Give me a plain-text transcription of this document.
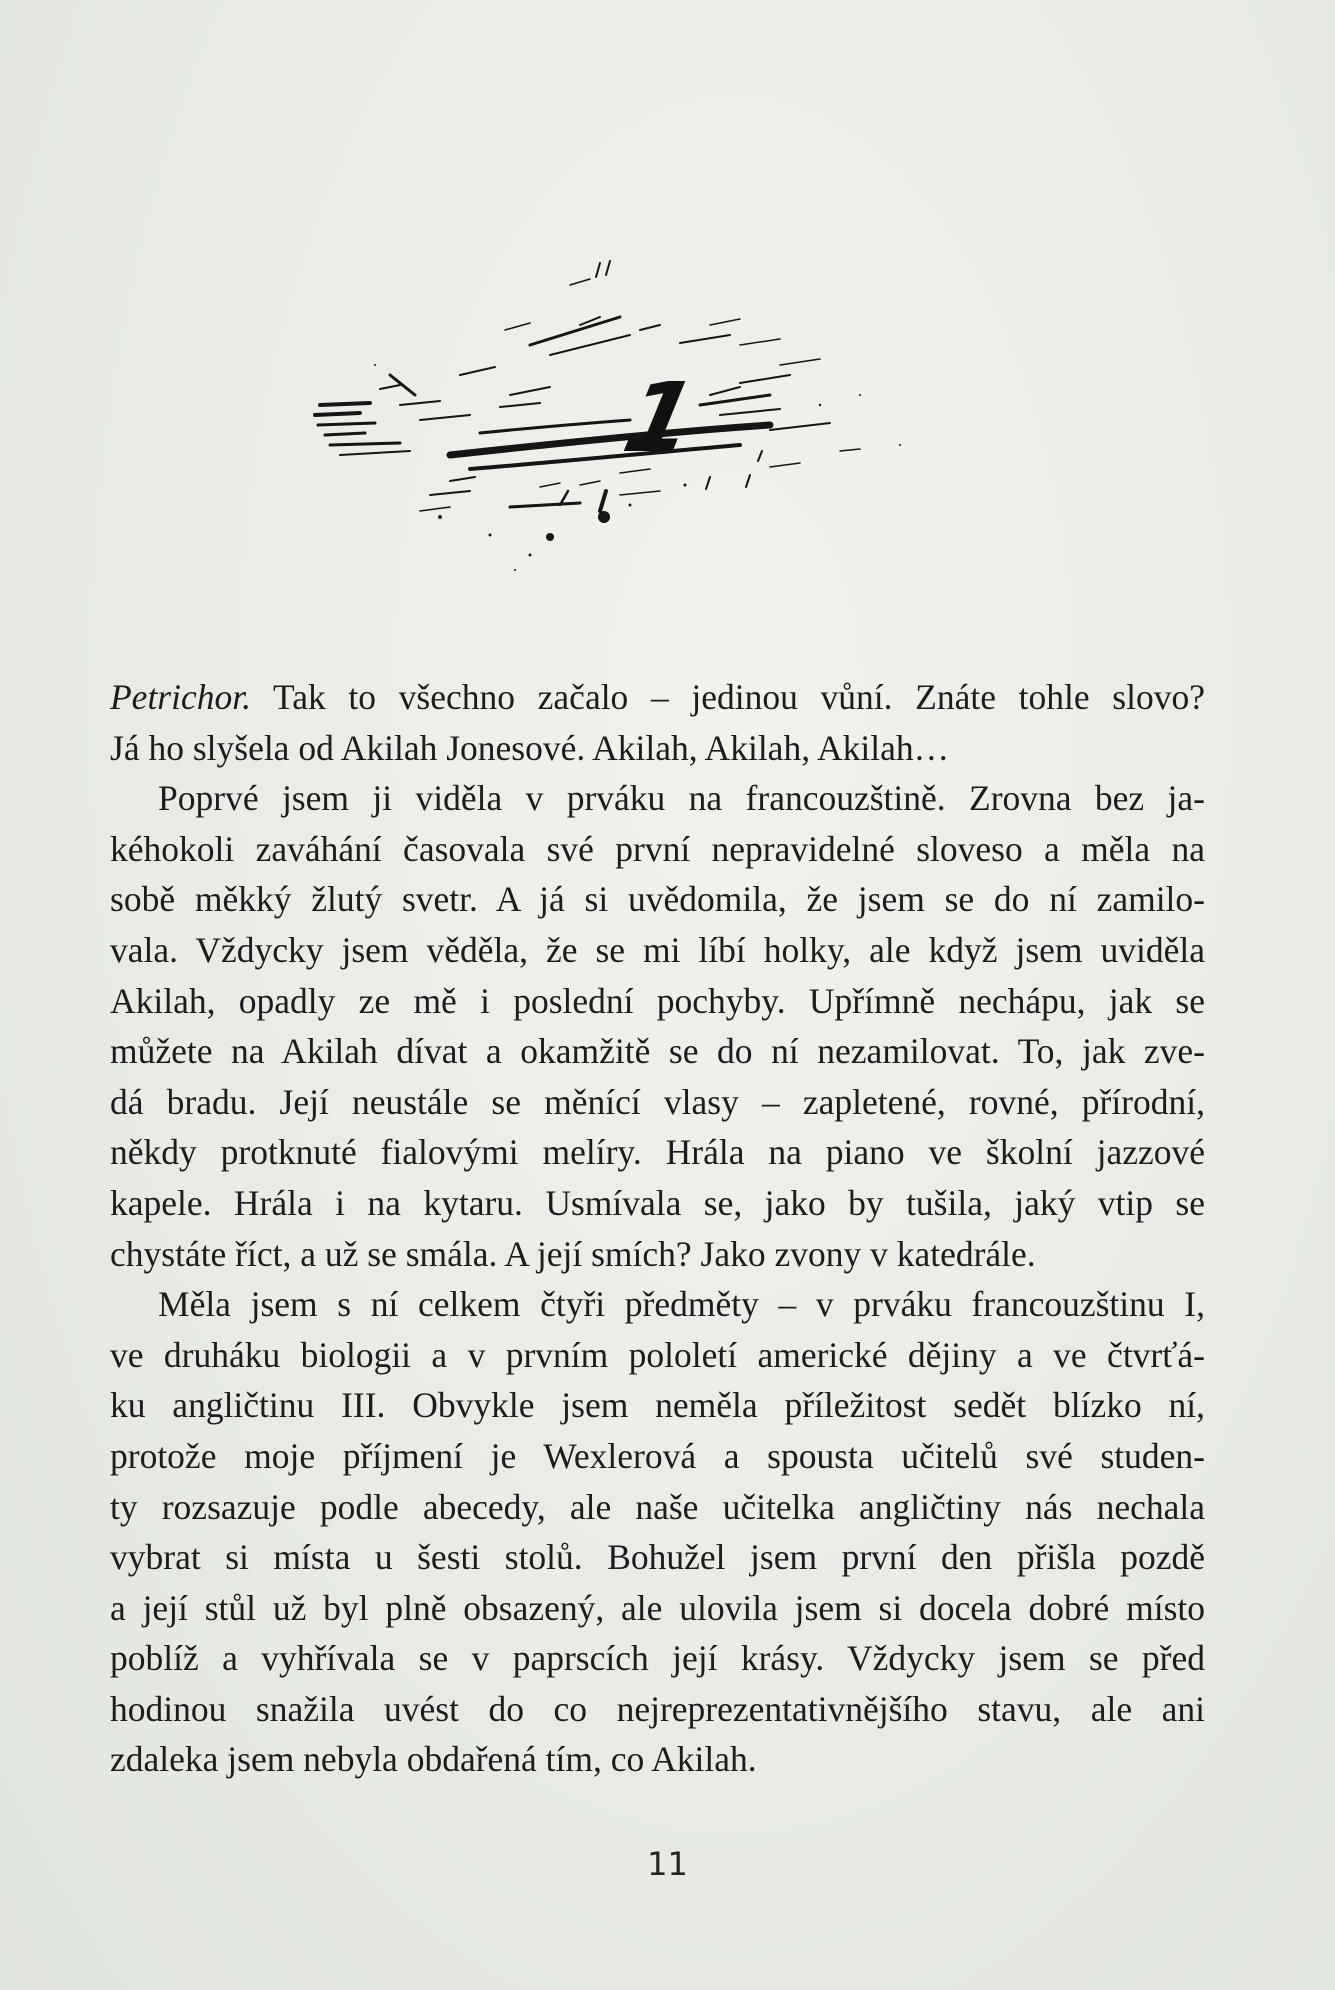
1
Petrichor. Tak to všechno začalo – jedinou vůní. Znáte tohle slovo?
Já ho slyšela od Akilah Jonesové. Akilah, Akilah, Akilah…
Poprvé jsem ji viděla v prváku na francouzštině. Zrovna bez ja-
kéhokoli zaváhání časovala své první nepravidelné sloveso a měla na
sobě měkký žlutý svetr. A já si uvědomila, že jsem se do ní zamilo-
vala. Vždycky jsem věděla, že se mi líbí holky, ale když jsem uviděla
Akilah, opadly ze mě i poslední pochyby. Upřímně nechápu, jak se
můžete na Akilah dívat a okamžitě se do ní nezamilovat. To, jak zve-
dá bradu. Její neustále se měnící vlasy – zapletené, rovné, přírodní,
někdy protknuté fialovými melíry. Hrála na piano ve školní jazzové
kapele. Hrála i na kytaru. Usmívala se, jako by tušila, jaký vtip se
chystáte říct, a už se smála. A její smích? Jako zvony v katedrále.
Měla jsem s ní celkem čtyři předměty – v prváku francouzštinu I,
ve druháku biologii a v prvním pololetí americké dějiny a ve čtvrťá-
ku angličtinu III. Obvykle jsem neměla příležitost sedět blízko ní,
protože moje příjmení je Wexlerová a spousta učitelů své studen-
ty rozsazuje podle abecedy, ale naše učitelka angličtiny nás nechala
vybrat si místa u šesti stolů. Bohužel jsem první den přišla pozdě
a její stůl už byl plně obsazený, ale ulovila jsem si docela dobré místo
poblíž a vyhřívala se v paprscích její krásy. Vždycky jsem se před
hodinou snažila uvést do co nejreprezentativnějšího stavu, ale ani
zdaleka jsem nebyla obdařená tím, co Akilah.
11
